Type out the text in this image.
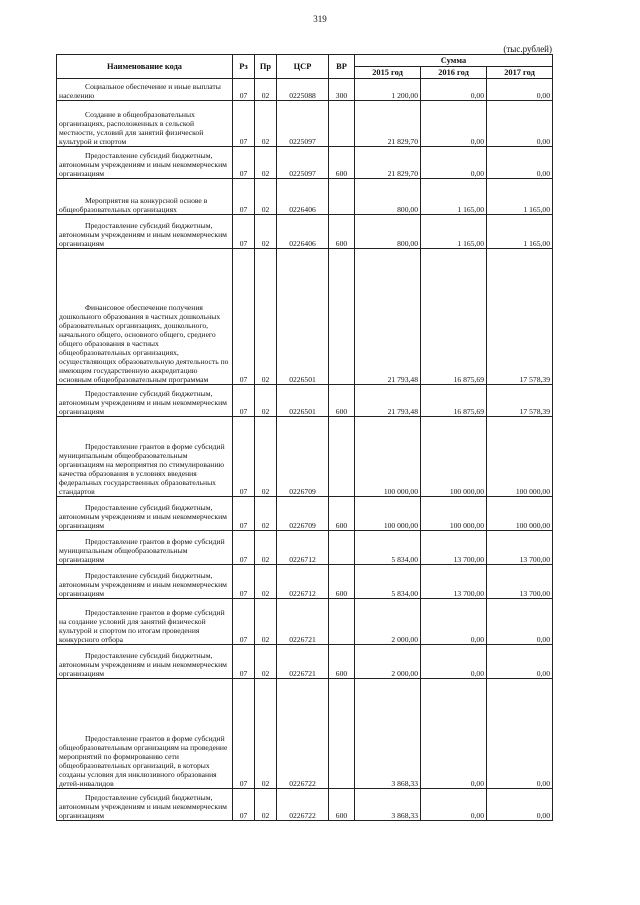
319
(тыс.рублей)
Наименование кода	Рз	Пр	ЦСР	ВР	Сумма		
					2015 год	2016 год	2017 год

Социальное обеспечение и иные выплаты населению	07	02	0225088	300	1 200,00	0,00	0,00

Создание в общеобразовательных организациях, расположенных в сельской местности, условий для занятий физической культурой и спортом	07	02	0225097		21 829,70	0,00	0,00

Предоставление субсидий бюджетным, автономным учреждениям и иным некоммерческим организациям	07	02	0225097	600	21 829,70	0,00	0,00

Мероприятия на конкурсной основе в общеобразовательных организациях	07	02	0226406		800,00	1 165,00	1 165,00

Предоставление субсидий бюджетным, автономным учреждениям и иным некоммерческим организациям	07	02	0226406	600	800,00	1 165,00	1 165,00

Финансовое обеспечение получения дошкольного образования в частных дошкольных образовательных организациях, дошкольного, начального общего, основного общего, среднего общего образования в частных общеобразовательных организациях, осуществляющих образовательную деятельность по имеющим государственную аккредитацию основным общеобразовательным программам	07	02	0226501		21 793,48	16 875,69	17 578,39

Предоставление субсидий бюджетным, автономным учреждениям и иным некоммерческим организациям	07	02	0226501	600	21 793,48	16 875,69	17 578,39

Предоставление грантов в форме субсидий муниципальным общеобразовательным организациям на мероприятия по стимулированию качества образования в условиях введения федеральных государственных образовательных стандартов	07	02	0226709		100 000,00	100 000,00	100 000,00

Предоставление субсидий бюджетным, автономным учреждениям и иным некоммерческим организациям	07	02	0226709	600	100 000,00	100 000,00	100 000,00

Предоставление грантов в форме субсидий муниципальным общеобразовательным организациям	07	02	0226712		5 834,00	13 700,00	13 700,00

Предоставление субсидий бюджетным, автономным учреждениям и иным некоммерческим организациям	07	02	0226712	600	5 834,00	13 700,00	13 700,00

Предоставление грантов в форме субсидий на создание условий для занятий физической культурой и спортом по итогам проведения конкурсного отбора	07	02	0226721		2 000,00	0,00	0,00

Предоставление субсидий бюджетным, автономным учреждениям и иным некоммерческим организациям	07	02	0226721	600	2 000,00	0,00	0,00

Предоставление грантов в форме субсидий общеобразовательным организациям на проведение мероприятий по формированию сети общеобразовательных организаций, в которых созданы условия для инклюзивного образования детей-инвалидов	07	02	0226722		3 868,33	0,00	0,00

Предоставление субсидий бюджетным, автономным учреждениям и иным некоммерческим организациям	07	02	0226722	600	3 868,33	0,00	0,00
